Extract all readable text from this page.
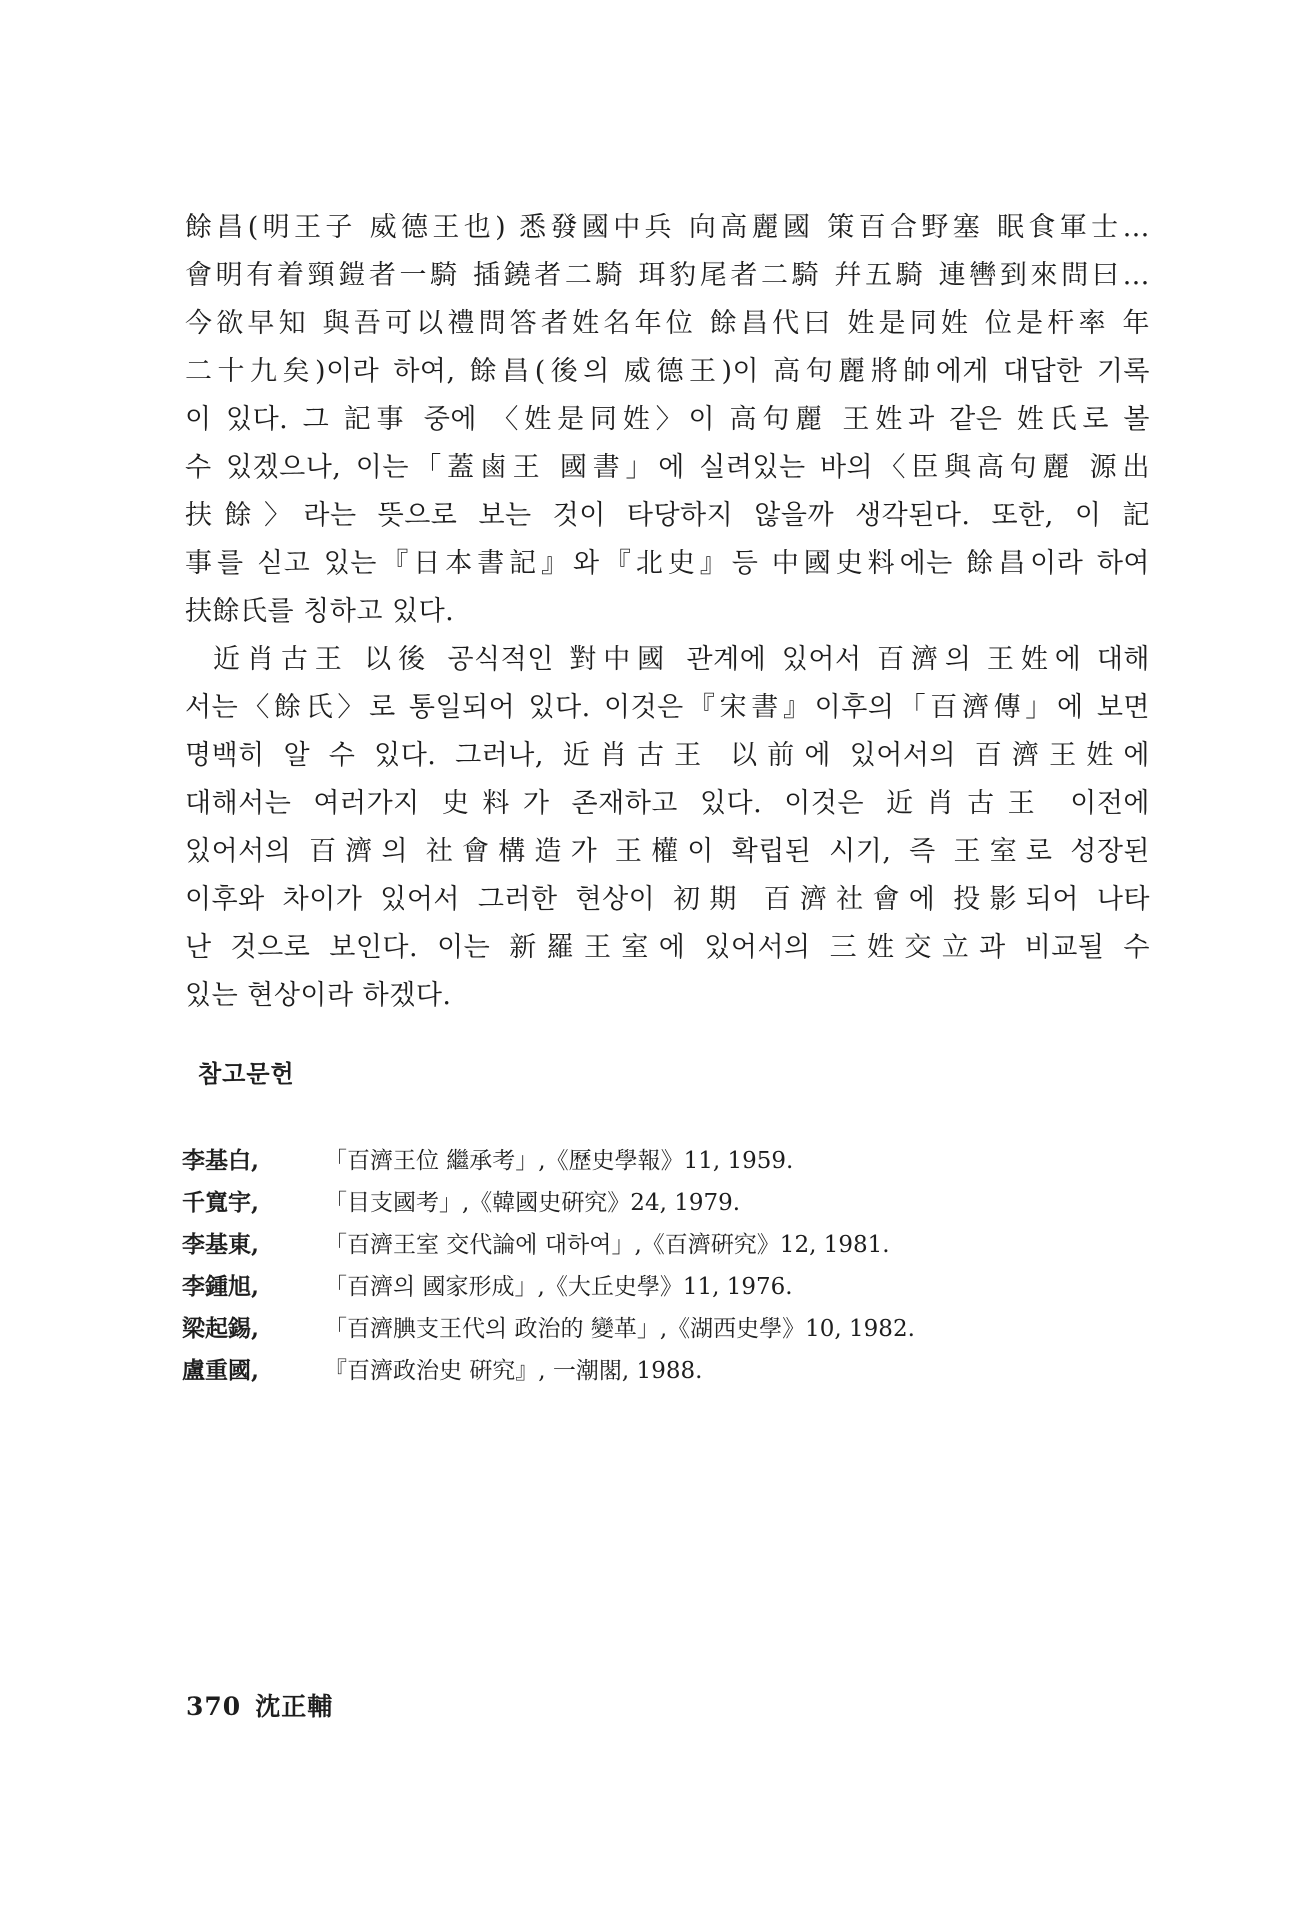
餘昌(明王子 威德王也) 悉發國中兵 向高麗國 策百合野塞 眠食軍士…
會明有着頸鎧者一騎 插鐃者二騎 珥豹尾者二騎 幷五騎 連轡到來問曰…
今欲早知 與吾可以禮問答者姓名年位 餘昌代曰 姓是同姓 位是杆率 年
二十九矣)이라 하여, 餘昌(後의 威德王)이 高句麗將帥에게 대답한 기록
이 있다. 그 記事 중에 〈姓是同姓〉이 高句麗 王姓과 같은 姓氏로 볼
수 있겠으나, 이는「蓋鹵王 國書」에 실려있는 바의〈臣與高句麗 源出
扶餘〉라는 뜻으로 보는 것이 타당하지 않을까 생각된다. 또한, 이 記
事를 싣고 있는『日本書記』와『北史』등 中國史料에는 餘昌이라 하여
扶餘氏를 칭하고 있다.
近肖古王 以後 공식적인 對中國 관계에 있어서 百濟의 王姓에 대해
서는〈餘氏〉로 통일되어 있다. 이것은『宋書』이후의「百濟傳」에 보면
명백히 알 수 있다. 그러나, 近肖古王 以前에 있어서의 百濟王姓에
대해서는 여러가지 史料가 존재하고 있다. 이것은 近肖古王 이전에
있어서의 百濟의 社會構造가 王權이 확립된 시기, 즉 王室로 성장된
이후와 차이가 있어서 그러한 현상이 初期 百濟社會에 投影되어 나타
난 것으로 보인다. 이는 新羅王室에 있어서의 三姓交立과 비교될 수
있는 현상이라 하겠다.
참고문헌
李基白,	「百濟王位 繼承考」,《歷史學報》11, 1959.
千寬宇,	「目支國考」,《韓國史硏究》24, 1979.
李基東,	「百濟王室 交代論에 대하여」,《百濟硏究》12, 1981.
李鍾旭,	「百濟의 國家形成」,《大丘史學》11, 1976.
梁起錫,	「百濟腆支王代의 政治的 變革」,《湖西史學》10, 1982.
盧重國,	『百濟政治史 硏究』, 一潮閣, 1988.
370 沈正輔
